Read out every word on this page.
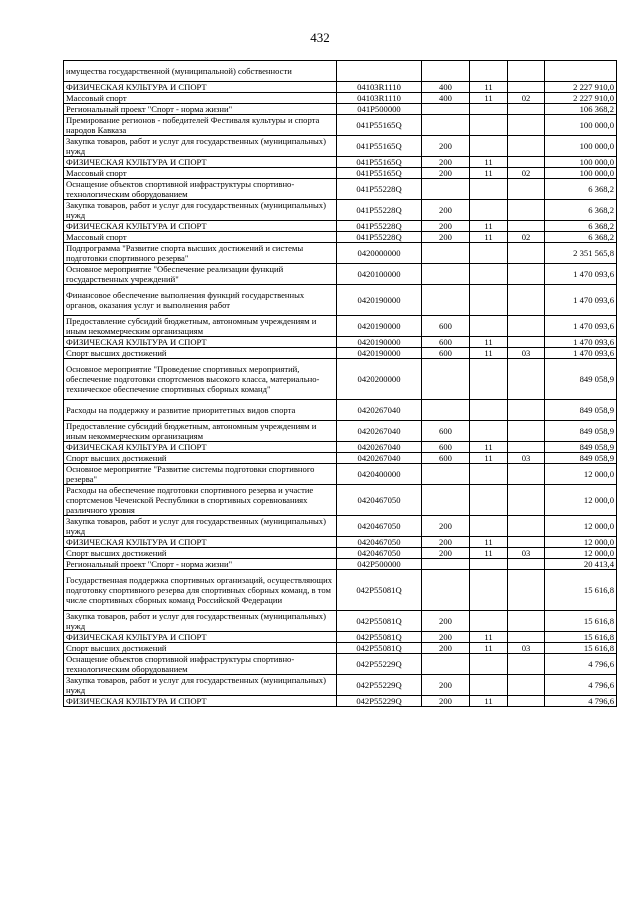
432
имущества государственной (муниципальной) собственности					
ФИЗИЧЕСКАЯ КУЛЬТУРА И СПОРТ	04103R1110	400	11		2 227 910,0
Массовый спорт	04103R1110	400	11	02	2 227 910,0
Региональный проект "Спорт - норма жизни"	041P500000				106 368,2
Премирование регионов - победителей Фестиваля культуры и спорта народов Кавказа	041P55165Q				100 000,0
Закупка товаров, работ и услуг для государственных (муниципальных) нужд	041P55165Q	200			100 000,0
ФИЗИЧЕСКАЯ КУЛЬТУРА И СПОРТ	041P55165Q	200	11		100 000,0
Массовый спорт	041P55165Q	200	11	02	100 000,0
Оснащение объектов спортивной инфраструктуры спортивно-технологическим оборудованием	041P55228Q				6 368,2
Закупка товаров, работ и услуг для государственных (муниципальных) нужд	041P55228Q	200			6 368,2
ФИЗИЧЕСКАЯ КУЛЬТУРА И СПОРТ	041P55228Q	200	11		6 368,2
Массовый спорт	041P55228Q	200	11	02	6 368,2
Подпрограмма "Развитие спорта высших достижений и системы подготовки спортивного резерва"	0420000000				2 351 565,8
Основное мероприятие "Обеспечение реализации функций государственных учреждений"	0420100000				1 470 093,6
Финансовое обеспечение выполнения функций государственных органов, оказания услуг и выполнения работ	0420190000				1 470 093,6
Предоставление субсидий бюджетным, автономным учреждениям и иным некоммерческим организациям	0420190000	600			1 470 093,6
ФИЗИЧЕСКАЯ КУЛЬТУРА И СПОРТ	0420190000	600	11		1 470 093,6
Спорт высших достижений	0420190000	600	11	03	1 470 093,6
Основное мероприятие "Проведение спортивных мероприятий, обеспечение подготовки спортсменов высокого класса, материально-техническое обеспечение спортивных сборных команд"	0420200000				849 058,9
Расходы на поддержку и развитие приоритетных видов спорта	0420267040				849 058,9
Предоставление субсидий бюджетным, автономным учреждениям и иным некоммерческим организациям	0420267040	600			849 058,9
ФИЗИЧЕСКАЯ КУЛЬТУРА И СПОРТ	0420267040	600	11		849 058,9
Спорт высших достижений	0420267040	600	11	03	849 058,9
Основное мероприятие "Развитие системы подготовки спортивного резерва"	0420400000				12 000,0
Расходы на обеспечение подготовки спортивного резерва и участие спортсменов Чеченской Республики в спортивных соревнованиях различного уровня	0420467050				12 000,0
Закупка товаров, работ и услуг для государственных (муниципальных) нужд	0420467050	200			12 000,0
ФИЗИЧЕСКАЯ КУЛЬТУРА И СПОРТ	0420467050	200	11		12 000,0
Спорт высших достижений	0420467050	200	11	03	12 000,0
Региональный проект "Спорт - норма жизни"	042P500000				20 413,4
Государственная поддержка спортивных организаций, осуществляющих подготовку спортивного резерва для спортивных сборных команд, в том числе спортивных сборных команд Российской Федерации	042P55081Q				15 616,8
Закупка товаров, работ и услуг для государственных (муниципальных) нужд	042P55081Q	200			15 616,8
ФИЗИЧЕСКАЯ КУЛЬТУРА И СПОРТ	042P55081Q	200	11		15 616,8
Спорт высших достижений	042P55081Q	200	11	03	15 616,8
Оснащение объектов спортивной инфраструктуры спортивно-технологическим оборудованием	042P55229Q				4 796,6
Закупка товаров, работ и услуг для государственных (муниципальных) нужд	042P55229Q	200			4 796,6
ФИЗИЧЕСКАЯ КУЛЬТУРА И СПОРТ	042P55229Q	200	11		4 796,6
